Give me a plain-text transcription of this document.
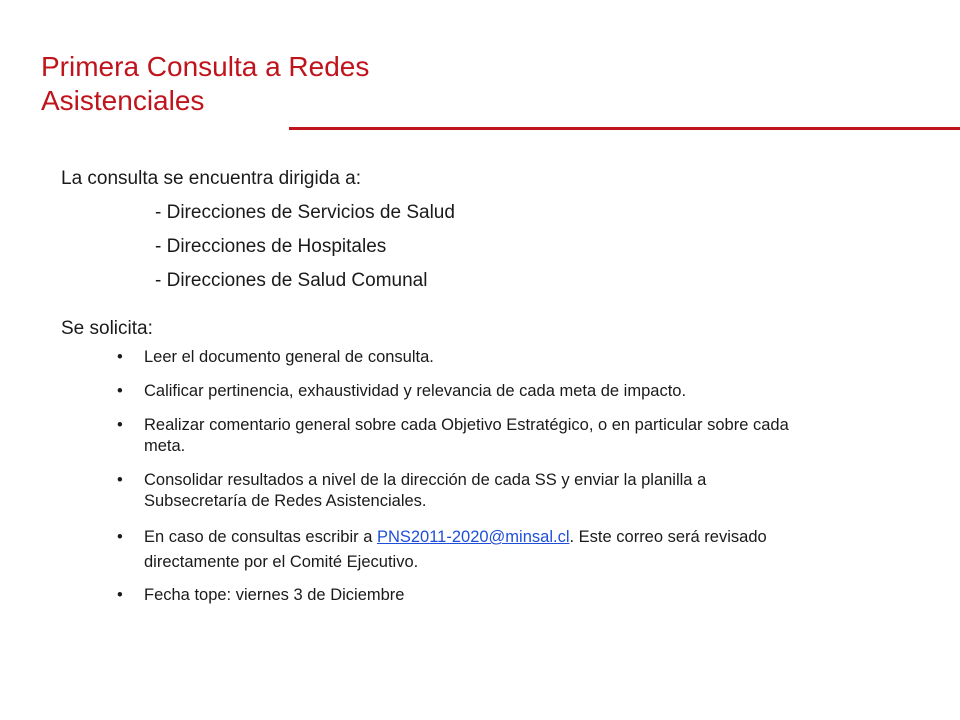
Primera Consulta a Redes
Asistenciales
La consulta se encuentra dirigida a:
- Direcciones de Servicios de Salud
- Direcciones de Hospitales
- Direcciones de Salud Comunal
Se solicita:
• Leer el documento general de consulta.
• Calificar pertinencia, exhaustividad y relevancia de cada meta de impacto.
• Realizar comentario general sobre cada Objetivo Estratégico, o en particular sobre cada meta.
• Consolidar resultados a nivel de la dirección de cada SS y enviar la planilla a Subsecretaría de Redes Asistenciales.
• En caso de consultas escribir a PNS2011-2020@minsal.cl. Este correo será revisado directamente por el Comité Ejecutivo.
• Fecha tope: viernes 3 de Diciembre
